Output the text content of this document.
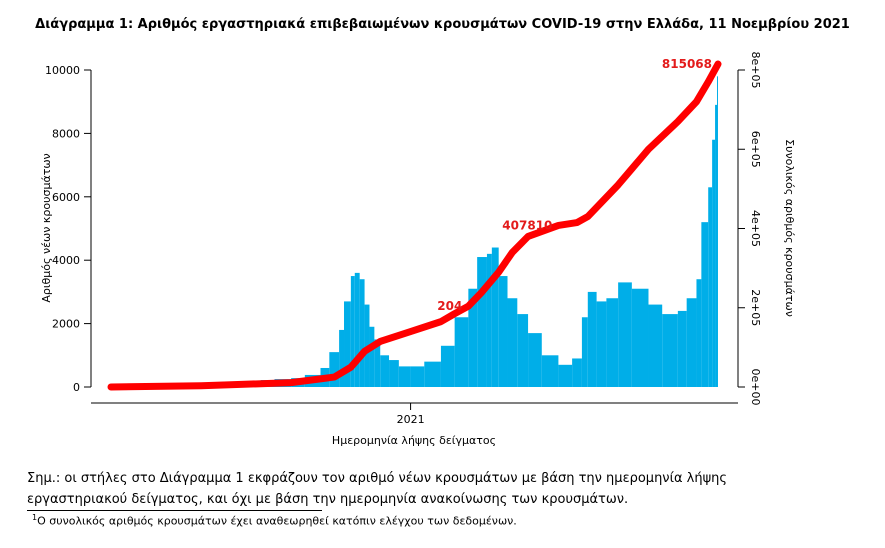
Διάγραμμα 1: Αριθμός εργαστηριακά επιβεβαιωμένων κρουσμάτων COVID-19 στην Ελλάδα, 11 Νοεμβρίου 2021
0
2000
4000
6000
8000
10000
0e+00
2e+05
4e+05
6e+05
8e+05
2021
Αριθμός νέων κρουσμάτων	Συνολικός αριθμός κρουσμάτων
Ημερομηνία λήψης δείγματος
204
407810
815068
Σημ.: οι στήλες στο Διάγραμμα 1 εκφράζουν τον αριθμό νέων κρουσμάτων με βάση την ημερομηνία λήψης εργαστηριακού δείγματος, και όχι με βάση την ημερομηνία ανακοίνωσης των κρουσμάτων.
$^1$Ο συνολικός αριθμός κρουσμάτων έχει αναθεωρηθεί κατόπιν ελέγχου των δεδομένων.
